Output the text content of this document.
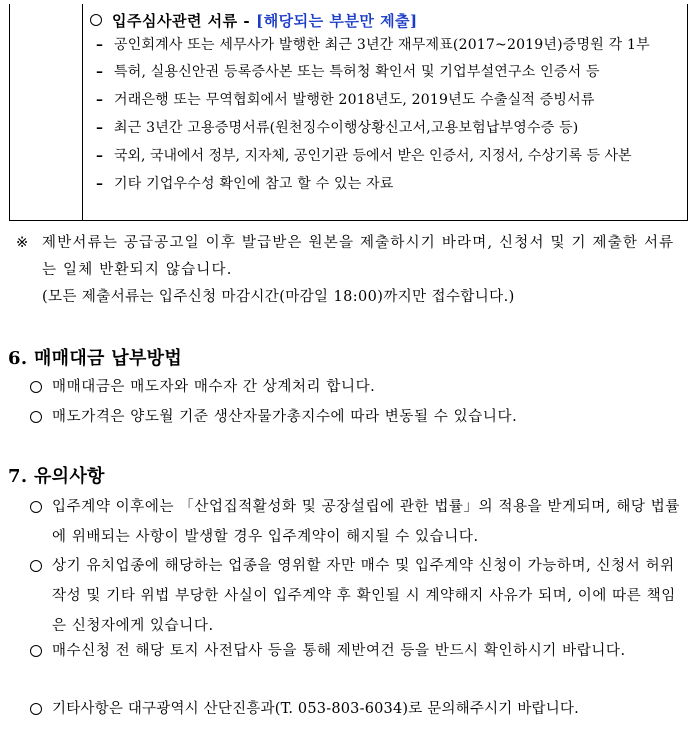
입주심사관련 서류 - [해당되는 부분만 제출]
– 공인회계사 또는 세무사가 발행한 최근 3년간 재무제표(2017~2019년)증명원 각 1부
– 특허, 실용신안권 등록증사본 또는 특허청 확인서 및 기업부설연구소 인증서 등
– 거래은행 또는 무역협회에서 발행한 2018년도, 2019년도 수출실적 증빙서류
– 최근 3년간 고용증명서류(원천징수이행상황신고서,고용보험납부영수증 등)
– 국외, 국내에서 정부, 지자체, 공인기관 등에서 받은 인증서, 지정서, 수상기록 등 사본
– 기타 기업우수성 확인에 참고 할 수 있는 자료
※ 제반서류는 공급공고일 이후 발급받은 원본을 제출하시기 바라며, 신청서 및 기 제출한 서류는 일체 반환되지 않습니다.
(모든 제출서류는 입주신청 마감시간(마감일 18:00)까지만 접수합니다.)
6. 매매대금 납부방법
매매대금은 매도자와 매수자 간 상계처리 합니다.
매도가격은 양도월 기준 생산자물가총지수에 따라 변동될 수 있습니다.
7. 유의사항
입주계약 이후에는 「산업집적활성화 및 공장설립에 관한 법률」의 적용을 받게되며, 해당 법률에 위배되는 사항이 발생할 경우 입주계약이 해지될 수 있습니다.
상기 유치업종에 해당하는 업종을 영위할 자만 매수 및 입주계약 신청이 가능하며, 신청서 허위작성 및 기타 위법 부당한 사실이 입주계약 후 확인될 시 계약해지 사유가 되며, 이에 따른 책임은 신청자에게 있습니다.
매수신청 전 해당 토지 사전답사 등을 통해 제반여건 등을 반드시 확인하시기 바랍니다.
기타사항은 대구광역시 산단진흥과(T. 053-803-6034)로 문의해주시기 바랍니다.
